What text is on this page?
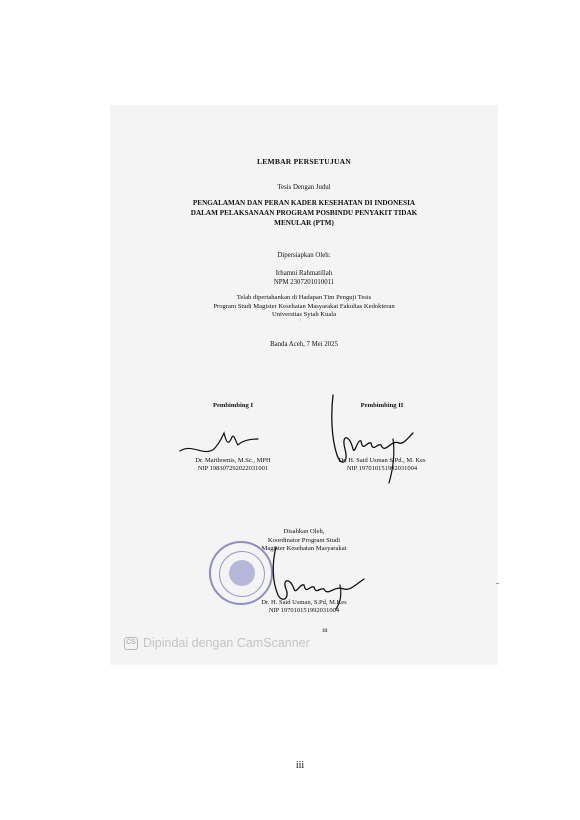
LEMBAR PERSETUJUAN
Tesis Dengan Judul
PENGALAMAN DAN PERAN KADER KESEHATAN DI INDONESIA
DALAM PELAKSANAAN PROGRAM POSBINDU PENYAKIT TIDAK
MENULAR (PTM)
Dipersiapkan Oleh:
Irhamni Rahmatillah
NPM 2307201010011
Telah dipertahankan di Hadapan Tim Penguji Tesis
Program Studi Magister Kesehatan Masyarakat Fakultas Kedokteran
Universitas Syiah Kuala
,
Banda Aceh, 7 Mei 2025
Pembimbing I
Dr. Marthoenis, M.Sc., MPH
NIP 198307292022031001
Pembimbing II
Dr. H. Said Usman S.Pd., M. Kes
NIP 197010151992031004
Disahkan Oleh,
Koordinator Program Studi
Magister Kesehatan Masyarakat
Dr. H. Said Usman, S.Pd, M.Kes
NIP 197010151992031004
iii
CS Dipindai dengan CamScanner
iii
